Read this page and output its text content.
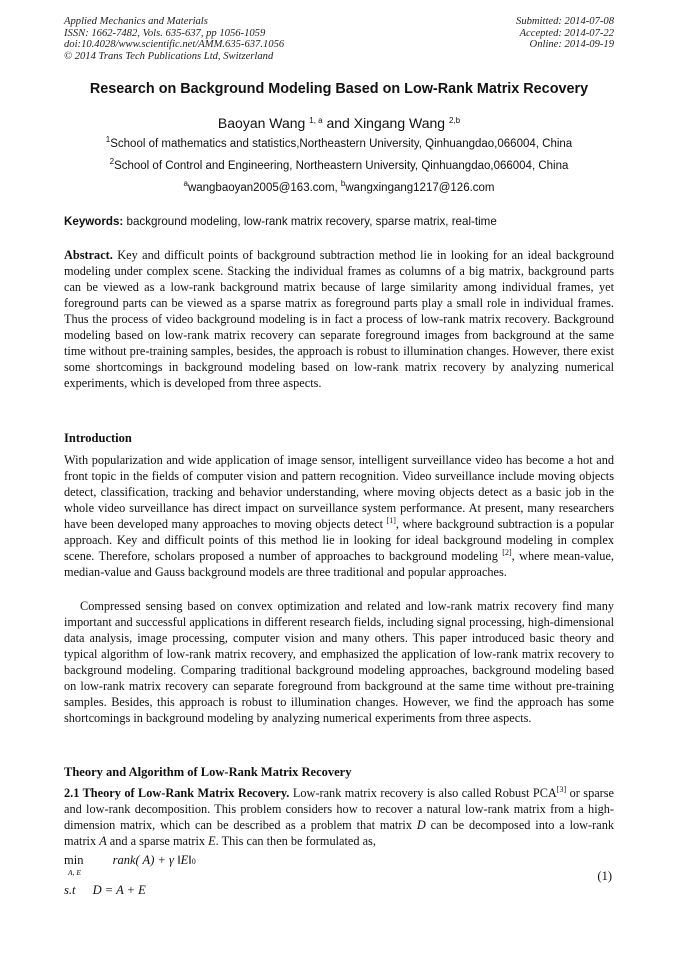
Applied Mechanics and Materials
ISSN: 1662-7482, Vols. 635-637, pp 1056-1059
doi:10.4028/www.scientific.net/AMM.635-637.1056
© 2014 Trans Tech Publications Ltd, Switzerland
Submitted: 2014-07-08
Accepted: 2014-07-22
Online: 2014-09-19
Research on Background Modeling Based on Low-Rank Matrix Recovery
Baoyan Wang $^{1, a}$ and Xingang Wang $^{2,b}$
$^1$School of mathematics and statistics,Northeastern University, Qinhuangdao,066004, China
$^2$School of Control and Engineering, Northeastern University, Qinhuangdao,066004, China
$^a$wangbaoyan2005@163.com, $^b$wangxingang1217@126.com
Keywords: background modeling, low-rank matrix recovery, sparse matrix, real-time
Abstract. Key and difficult points of background subtraction method lie in looking for an ideal background modeling under complex scene. Stacking the individual frames as columns of a big matrix, background parts can be viewed as a low-rank background matrix because of large similarity among individual frames, yet foreground parts can be viewed as a sparse matrix as foreground parts play a small role in individual frames. Thus the process of video background modeling is in fact a process of low-rank matrix recovery. Background modeling based on low-rank matrix recovery can separate foreground images from background at the same time without pre-training samples, besides, the approach is robust to illumination changes. However, there exist some shortcomings in background modeling based on low-rank matrix recovery by analyzing numerical experiments, which is developed from three aspects.
Introduction
With popularization and wide application of image sensor, intelligent surveillance video has become a hot and front topic in the fields of computer vision and pattern recognition. Video surveillance include moving objects detect, classification, tracking and behavior understanding, where moving objects detect as a basic job in the whole video surveillance has direct impact on surveillance system performance. At present, many researchers have been developed many approaches to moving objects detect [1], where background subtraction is a popular approach. Key and difficult points of this method lie in looking for ideal background modeling in complex scene. Therefore, scholars proposed a number of approaches to background modeling [2], where mean-value, median-value and Gauss background models are three traditional and popular approaches.
Compressed sensing based on convex optimization and related and low-rank matrix recovery find many important and successful applications in different research fields, including signal processing, high-dimensional data analysis, image processing, computer vision and many others. This paper introduced basic theory and typical algorithm of low-rank matrix recovery, and emphasized the application of low-rank matrix recovery to background modeling. Comparing traditional background modeling approaches, background modeling based on low-rank matrix recovery can separate foreground from background at the same time without pre-training samples. Besides, this approach is robust to illumination changes. However, we find the approach has some shortcomings in background modeling by analyzing numerical experiments from three aspects.
Theory and Algorithm of Low-Rank Matrix Recovery
2.1 Theory of Low-Rank Matrix Recovery. Low-rank matrix recovery is also called Robust PCA[3] or sparse and low-rank decomposition. This problem considers how to recover a natural low-rank matrix from a high-dimension matrix, which can be described as a problem that matrix D can be decomposed into a low-rank matrix A and a sparse matrix E. This can then be formulated as,
min rank( A) + γ ‖E‖0
A, E
s.t D = A + E
(1)
